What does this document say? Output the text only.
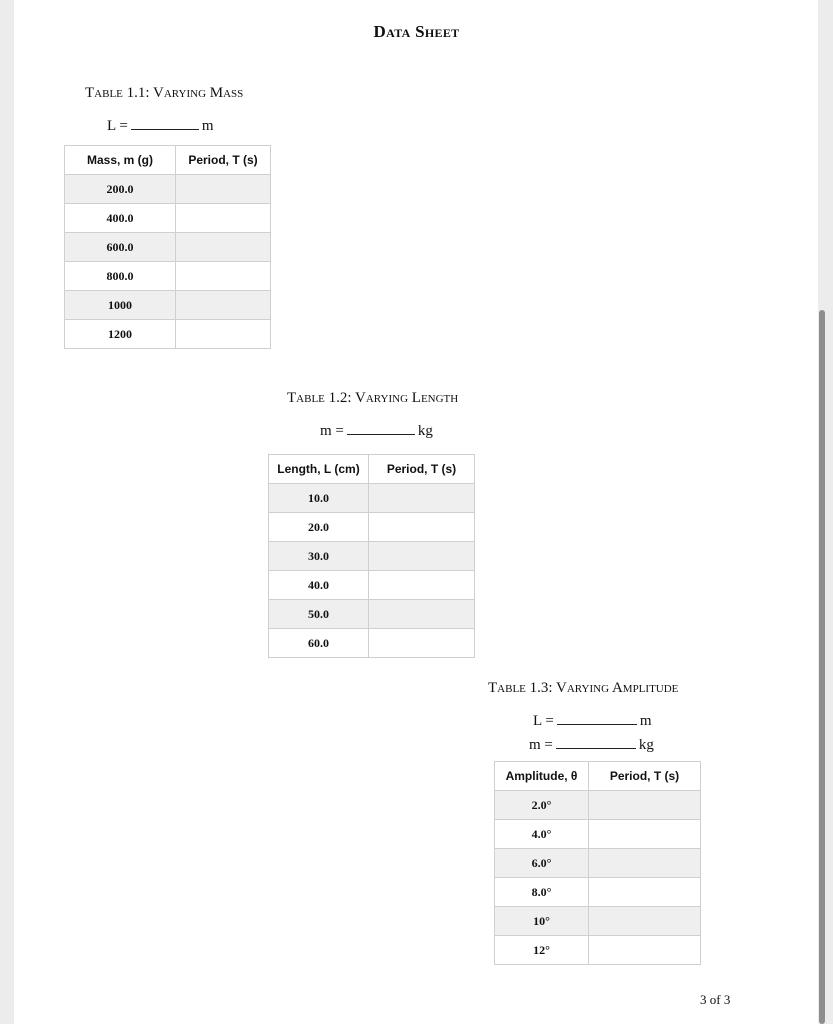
Data Sheet
Table 1.1: Varying Mass
L =	m
Mass, m (g)	Period, T (s)
200.0	
400.0	
600.0	
800.0	
1000	
1200	
Table 1.2: Varying Length
m =	kg
Length, L (cm)	Period, T (s)
10.0	
20.0	
30.0	
40.0	
50.0	
60.0	
Table 1.3: Varying Amplitude
L =	m
m =	kg
Amplitude, θ	Period, T (s)
2.0°	
4.0°	
6.0°	
8.0°	
10°	
12°	
3 of 3
